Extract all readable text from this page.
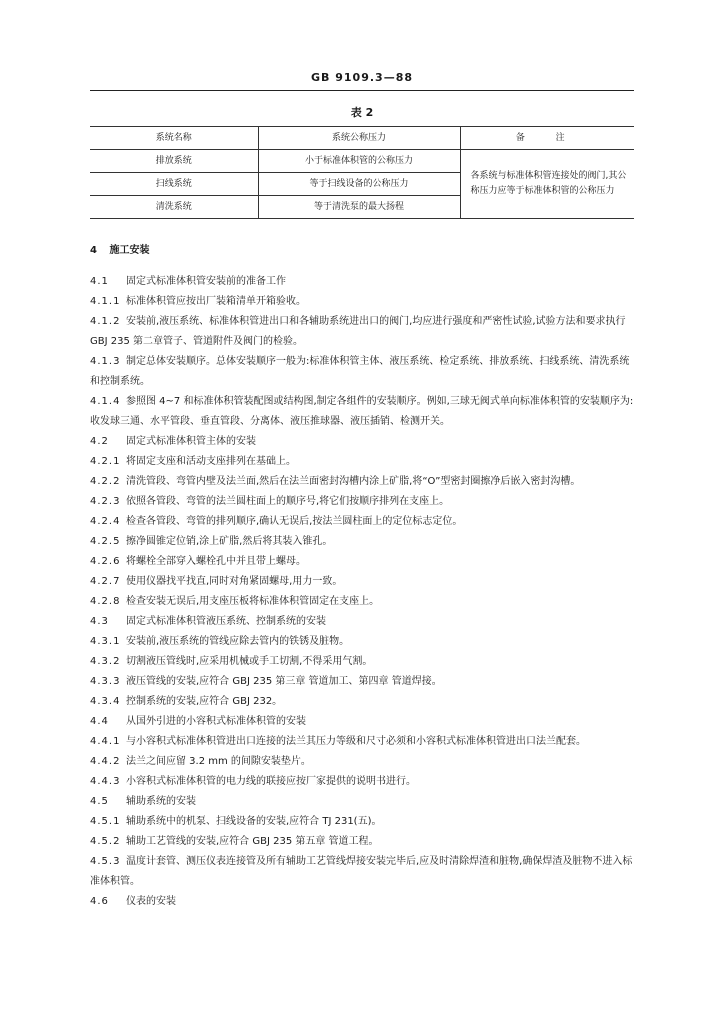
GB 9109.3—88
表 2
系统名称	系统公称压力	备 注
排放系统	小于标准体积管的公称压力	各系统与标准体积管连接处的阀门,其公称压力应等于标准体积管的公称压力
扫线系统	等于扫线设备的公称压力	
清洗系统	等于清洗泵的最大扬程	

4 施工安装

4.1 固定式标准体积管安装前的准备工作

4.1.1 标准体积管应按出厂装箱清单开箱验收。

4.1.2 安装前,液压系统、标准体积管进出口和各辅助系统进出口的阀门,均应进行强度和严密性试验,试验方法和要求执行 GBJ 235 第二章管子、管道附件及阀门的检验。

4.1.3 制定总体安装顺序。总体安装顺序一般为:标准体积管主体、液压系统、检定系统、排放系统、扫线系统、清洗系统和控制系统。

4.1.4 参照图 4~7 和标准体积管装配图或结构图,制定各组件的安装顺序。例如,三球无阀式单向标准体积管的安装顺序为:收发球三通、水平管段、垂直管段、分离体、液压推球器、液压插销、检测开关。

4.2 固定式标准体积管主体的安装

4.2.1 将固定支座和活动支座排列在基础上。

4.2.2 清洗管段、弯管内壁及法兰面,然后在法兰面密封沟槽内涂上矿脂,将“O”型密封圈擦净后嵌入密封沟槽。

4.2.3 依照各管段、弯管的法兰圆柱面上的顺序号,将它们按顺序排列在支座上。

4.2.4 检查各管段、弯管的排列顺序,确认无误后,按法兰圆柱面上的定位标志定位。

4.2.5 擦净圆锥定位销,涂上矿脂,然后将其装入锥孔。

4.2.6 将螺栓全部穿入螺栓孔中并且带上螺母。

4.2.7 使用仪器找平找直,同时对角紧固螺母,用力一致。

4.2.8 检查安装无误后,用支座压板将标准体积管固定在支座上。

4.3 固定式标准体积管液压系统、控制系统的安装

4.3.1 安装前,液压系统的管线应除去管内的铁锈及脏物。

4.3.2 切割液压管线时,应采用机械或手工切割,不得采用气割。

4.3.3 液压管线的安装,应符合 GBJ 235 第三章 管道加工、第四章 管道焊接。

4.3.4 控制系统的安装,应符合 GBJ 232。

4.4 从国外引进的小容积式标准体积管的安装

4.4.1 与小容积式标准体积管进出口连接的法兰其压力等级和尺寸必须和小容积式标准体积管进出口法兰配套。

4.4.2 法兰之间应留 3.2 mm 的间隙安装垫片。

4.4.3 小容积式标准体积管的电力线的联接应按厂家提供的说明书进行。

4.5 辅助系统的安装

4.5.1 辅助系统中的机泵、扫线设备的安装,应符合 TJ 231(五)。

4.5.2 辅助工艺管线的安装,应符合 GBJ 235 第五章 管道工程。

4.5.3 温度计套管、测压仪表连接管及所有辅助工艺管线焊接安装完毕后,应及时清除焊渣和脏物,确保焊渣及脏物不进入标准体积管。

4.6 仪表的安装
